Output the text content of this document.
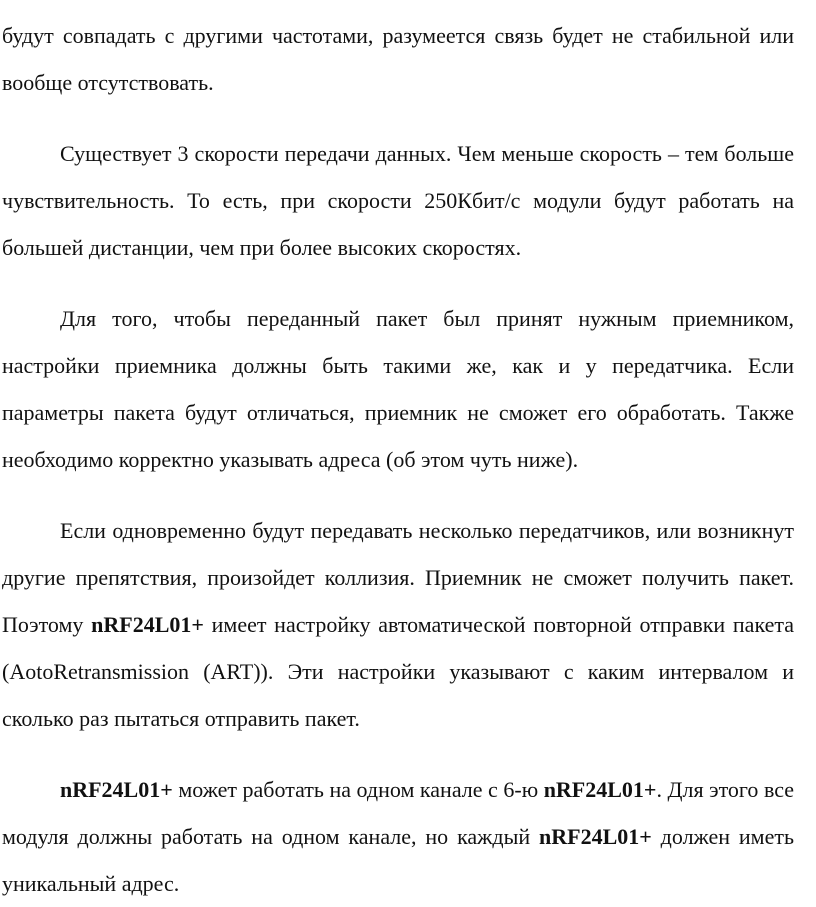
будут совпадать с другими частотами, разумеется связь будет не стабильной или вообще отсутствовать.

Существует 3 скорости передачи данных. Чем меньше скорость – тем больше чувствительность. То есть, при скорости 250Кбит/с модули будут работать на большей дистанции, чем при более высоких скоростях.

Для того, чтобы переданный пакет был принят нужным приемником, настройки приемника должны быть такими же, как и у передатчика. Если параметры пакета будут отличаться, приемник не сможет его обработать. Также необходимо корректно указывать адреса (об этом чуть ниже).

Если одновременно будут передавать несколько передатчиков, или возникнут другие препятствия, произойдет коллизия. Приемник не сможет получить пакет. Поэтому nRF24L01+ имеет настройку автоматической повторной отправки пакета (AotoRetransmission (ART)). Эти настройки указывают с каким интервалом и сколько раз пытаться отправить пакет.

nRF24L01+ может работать на одном канале с 6-ю nRF24L01+. Для этого все модуля должны работать на одном канале, но каждый nRF24L01+ должен иметь уникальный адрес.
